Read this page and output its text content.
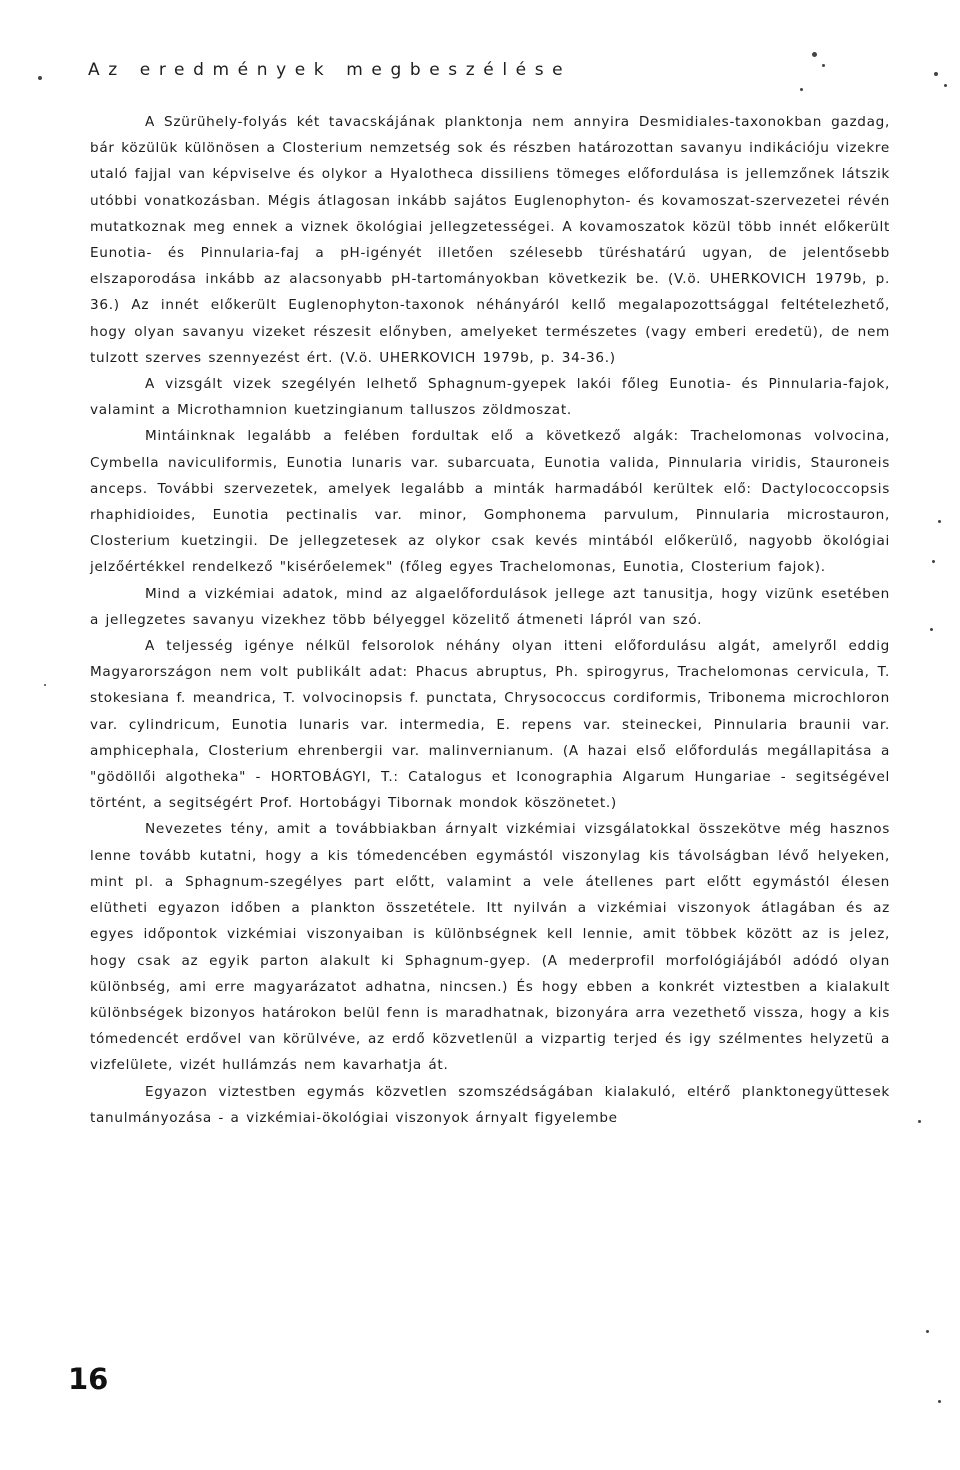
Az eredmények megbeszélése

A Szürühely-folyás két tavacskájának planktonja nem annyira Desmidiales-taxonokban gazdag, bár közülük különösen a Closterium nemzetség sok és részben határozottan savanyu indikációju vizekre utaló fajjal van képviselve és olykor a Hyalotheca dissiliens tömeges előfordulása is jellemzőnek látszik utóbbi vonatkozásban. Mégis átlagosan inkább sajátos Euglenophyton- és kovamoszat-szervezetei révén mutatkoznak meg ennek a viznek ökológiai jellegzetességei. A kovamoszatok közül több innét előkerült Eunotia- és Pinnularia-faj a pH-igényét illetően szélesebb türéshatárú ugyan, de jelentősebb elszaporodása inkább az alacsonyabb pH-tartományokban következik be. (V.ö. UHERKOVICH 1979b, p. 36.) Az innét előkerült Euglenophyton-taxonok néhányáról kellő megalapozottsággal feltételezhető, hogy olyan savanyu vizeket részesit előnyben, amelyeket természetes (vagy emberi eredetü), de nem tulzott szerves szennyezést ért. (V.ö. UHERKOVICH 1979b, p. 34-36.)

A vizsgált vizek szegélyén lelhető Sphagnum-gyepek lakói főleg Eunotia- és Pinnularia-fajok, valamint a Microthamnion kuetzingianum talluszos zöldmoszat.

Mintáinknak legalább a felében fordultak elő a következő algák: Trachelomonas volvocina, Cymbella naviculiformis, Eunotia lunaris var. subarcuata, Eunotia valida, Pinnularia viridis, Stauroneis anceps. További szervezetek, amelyek legalább a minták harmadából kerültek elő: Dactylococcopsis rhaphidioides, Eunotia pectinalis var. minor, Gomphonema parvulum, Pinnularia microstauron, Closterium kuetzingii. De jellegzetesek az olykor csak kevés mintából előkerülő, nagyobb ökológiai jelzőértékkel rendelkező "kisérőelemek" (főleg egyes Trachelomonas, Eunotia, Closterium fajok).

Mind a vizkémiai adatok, mind az algaelőfordulások jellege azt tanusitja, hogy vizünk esetében a jellegzetes savanyu vizekhez több bélyeggel közelitő átmeneti lápról van szó.

A teljesség igénye nélkül felsorolok néhány olyan itteni előfordulásu algát, amelyről eddig Magyarországon nem volt publikált adat: Phacus abruptus, Ph. spirogyrus, Trachelomonas cervicula, T. stokesiana f. meandrica, T. volvocinopsis f. punctata, Chrysococcus cordiformis, Tribonema microchloron var. cylindricum, Eunotia lunaris var. intermedia, E. repens var. steineckei, Pinnularia braunii var. amphicephala, Closterium ehrenbergii var. malinvernianum. (A hazai első előfordulás megállapitása a "gödöllői algotheka" - HORTOBÁGYI, T.: Catalogus et Iconographia Algarum Hungariae - segitségével történt, a segitségért Prof. Hortobágyi Tibornak mondok köszönetet.)

Nevezetes tény, amit a továbbiakban árnyalt vizkémiai vizsgálatokkal összekötve még hasznos lenne tovább kutatni, hogy a kis tómedencében egymástól viszonylag kis távolságban lévő helyeken, mint pl. a Sphagnum-szegélyes part előtt, valamint a vele átellenes part előtt egymástól élesen elütheti egyazon időben a plankton összetétele. Itt nyilván a vizkémiai viszonyok átlagában és az egyes időpontok vizkémiai viszonyaiban is különbségnek kell lennie, amit többek között az is jelez, hogy csak az egyik parton alakult ki Sphagnum-gyep. (A mederprofil morfológiájából adódó olyan különbség, ami erre magyarázatot adhatna, nincsen.) És hogy ebben a konkrét viztestben a kialakult különbségek bizonyos határokon belül fenn is maradhatnak, bizonyára arra vezethető vissza, hogy a kis tómedencét erdővel van körülvéve, az erdő közvetlenül a vizpartig terjed és igy szélmentes helyzetü a vizfelülete, vizét hullámzás nem kavarhatja át.

Egyazon viztestben egymás közvetlen szomszédságában kialakuló, eltérő planktonegyüttesek tanulmányozása - a vizkémiai-ökológiai viszonyok árnyalt figyelembe

16
